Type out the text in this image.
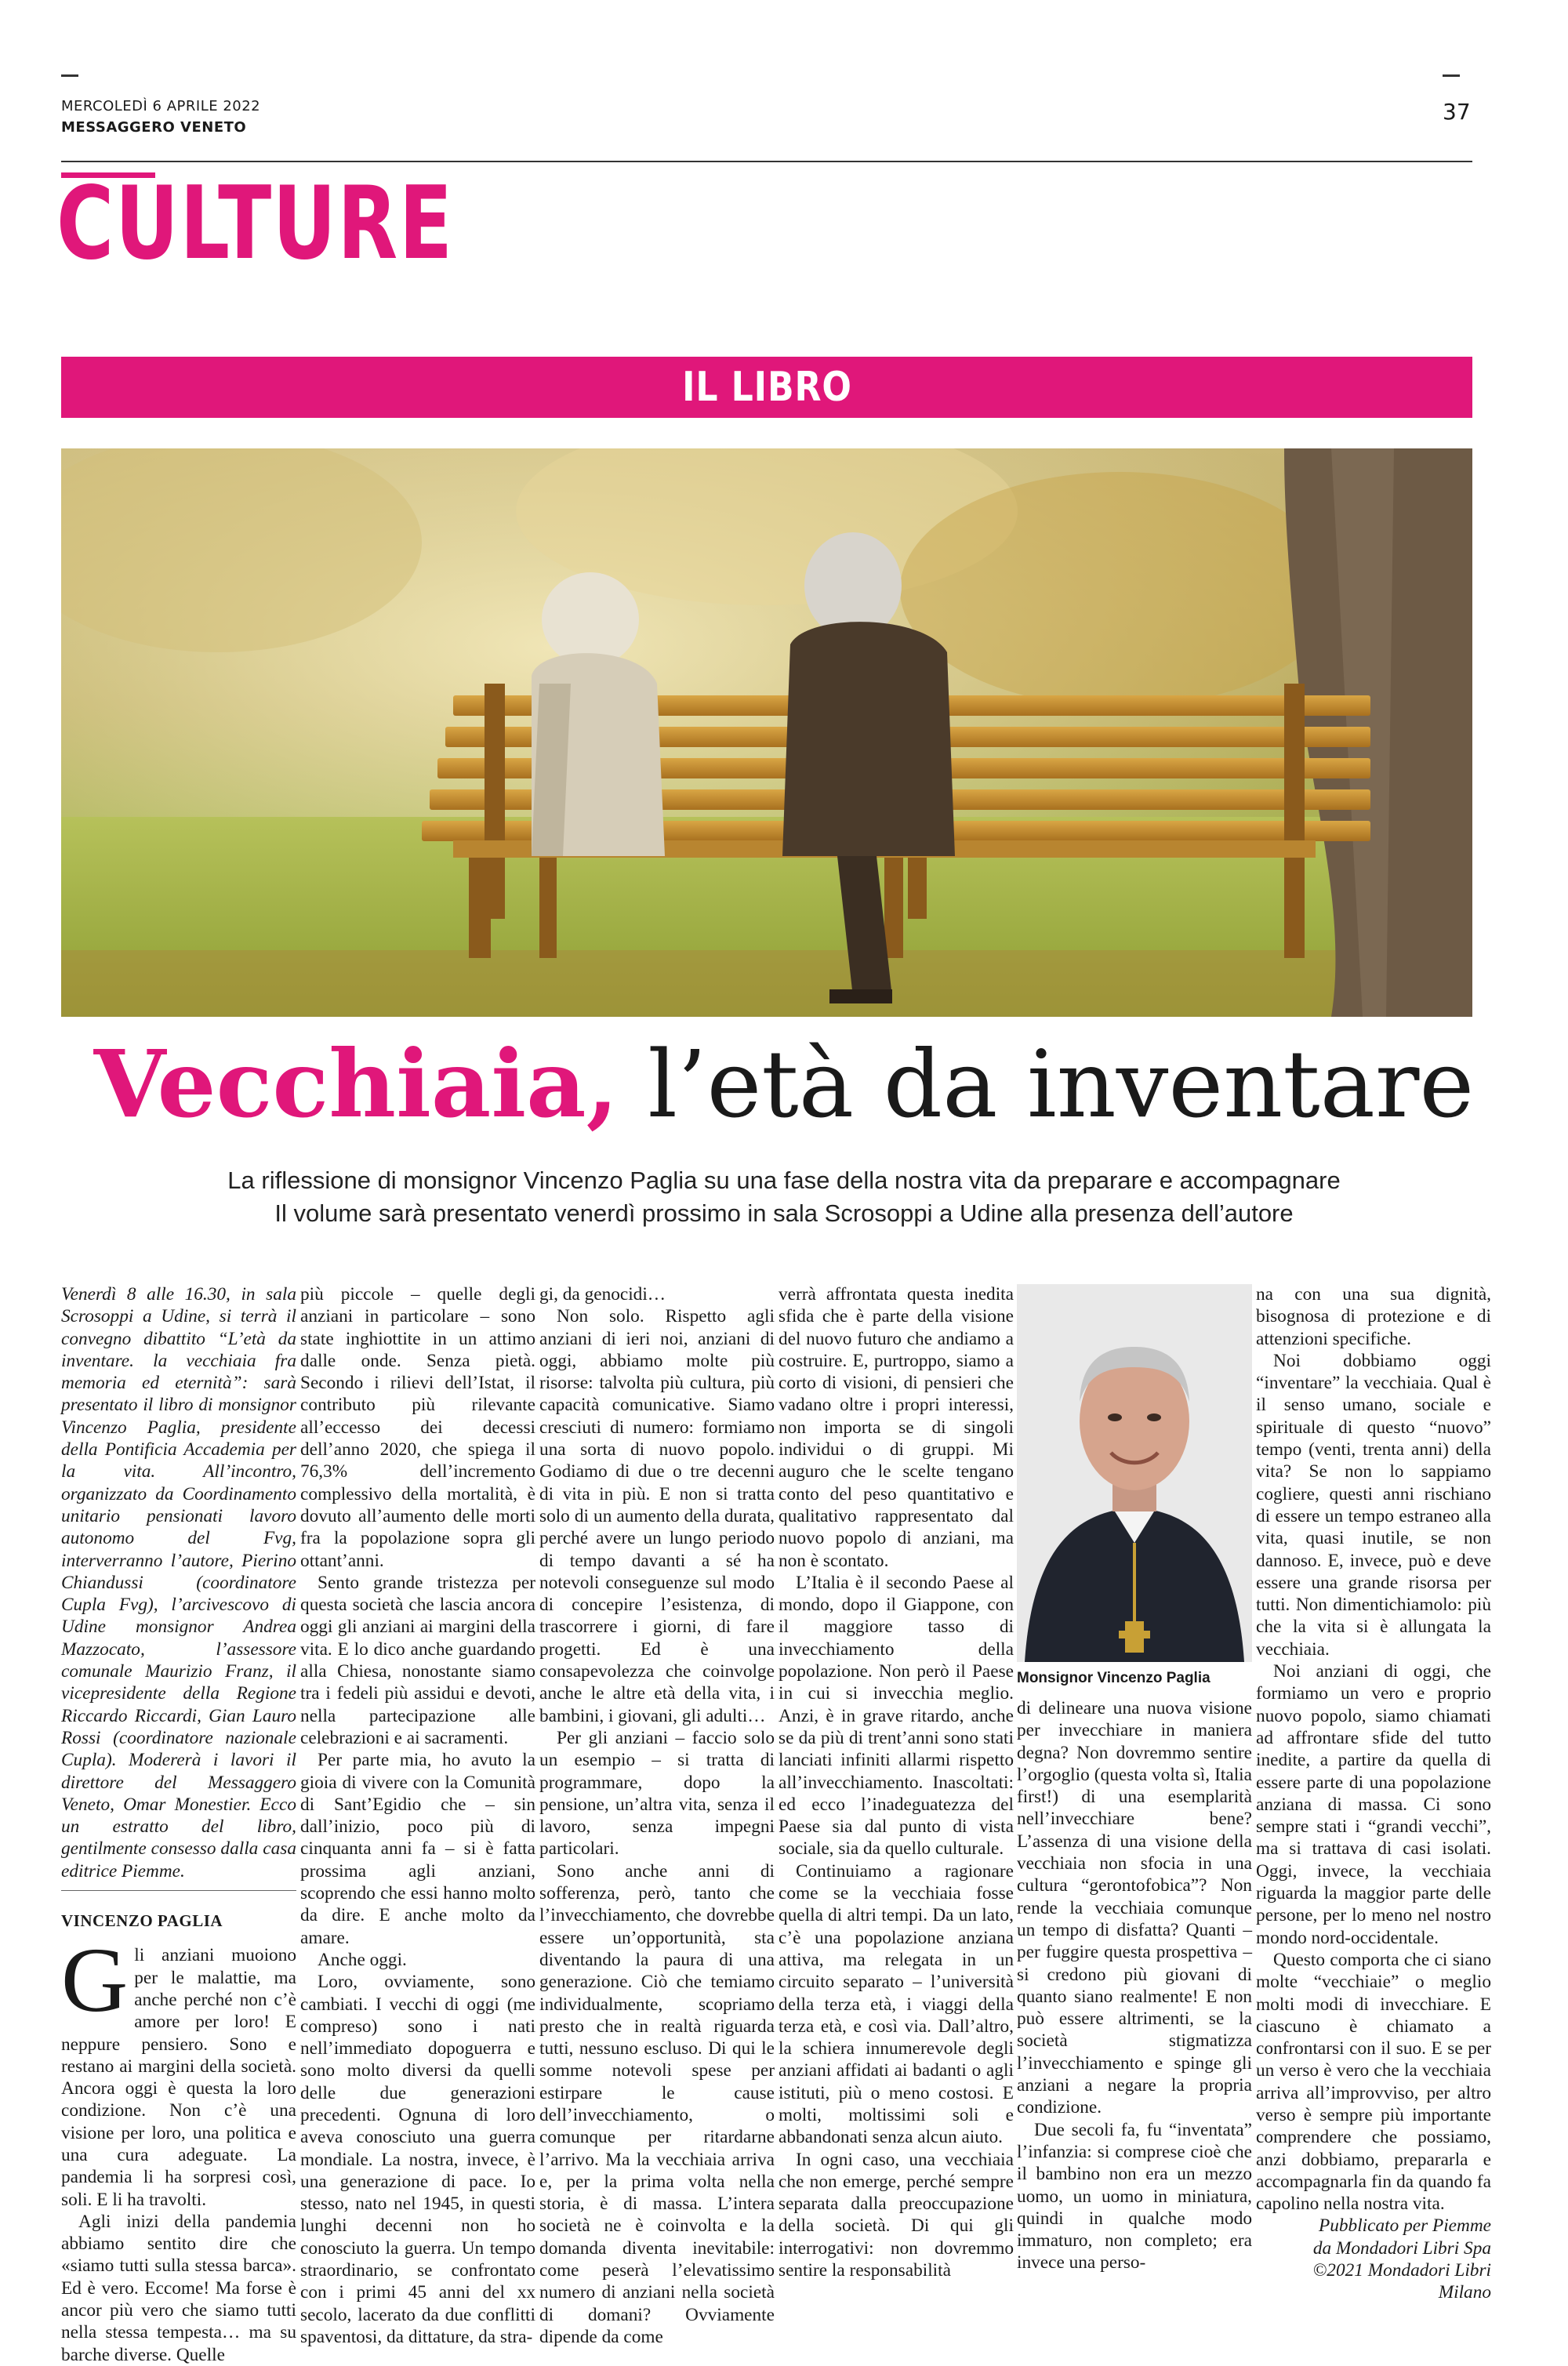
MERCOLEDÌ 6 APRILE 2022
MESSAGGERO VENETO
37
CULTURE
IL LIBRO
Vecchiaia, l’età da inventare
La riflessione di monsignor Vincenzo Paglia su una fase della nostra vita da preparare e accompagnare
Il volume sarà presentato venerdì prossimo in sala Scrosoppi a Udine alla presenza dell’autore

Venerdì 8 alle 16.30, in sala Scrosoppi a Udine, si terrà il convegno dibattito “L’età da inventare. la vecchiaia fra memoria ed eternità”: sarà presentato il libro di monsignor Vincenzo Paglia, presidente della Pontificia Accademia per la vita. All’incontro, organizzato da Coordinamento unitario pensionati lavoro autonomo del Fvg, interverranno l’autore, Pierino Chiandussi (coordinatore Cupla Fvg), l’arcivescovo di Udine monsignor Andrea Mazzocato, l’assessore comunale Maurizio Franz, il vicepresidente della Regione Riccardo Riccardi, Gian Lauro Rossi (coordinatore nazionale Cupla). Modererà i lavori il direttore del Messaggero Veneto, Omar Monestier. Ecco un estratto del libro, gentilmente consesso dalla casa editrice Piemme.

VINCENZO PAGLIA

Gli anziani muoiono per le malattie, ma anche perché non c’è amore per loro! E neppure pensiero. Sono e restano ai margini della società. Ancora oggi è questa la loro condizione. Non c’è una visione per loro, una politica e una cura adeguate. La pandemia li ha sorpresi così, soli. E li ha travolti.

Agli inizi della pandemia abbiamo sentito dire che «siamo tutti sulla stessa barca». Ed è vero. Eccome! Ma forse è ancor più vero che siamo tutti nella stessa tempesta… ma su barche diverse. Quelle

più piccole – quelle degli anziani in particolare – sono state inghiottite in un attimo dalle onde. Senza pietà. Secondo i rilievi dell’Istat, il contributo più rilevante all’eccesso dei decessi dell’anno 2020, che spiega il 76,3% dell’incremento complessivo della mortalità, è dovuto all’aumento delle morti fra la popolazione sopra gli ottant’anni.

Sento grande tristezza per questa società che lascia ancora oggi gli anziani ai margini della vita. E lo dico anche guardando alla Chiesa, nonostante siamo tra i fedeli più assidui e devoti, nella partecipazione alle celebrazioni e ai sacramenti.

Per parte mia, ho avuto la gioia di vivere con la Comunità di Sant’Egidio che – sin dall’inizio, poco più di cinquanta anni fa – si è fatta prossima agli anziani, scoprendo che essi hanno molto da dire. E anche molto da amare.

Anche oggi.

Loro, ovviamente, sono cambiati. I vecchi di oggi (me compreso) sono i nati nell’immediato dopoguerra e sono molto diversi da quelli delle due generazioni precedenti. Ognuna di loro aveva conosciuto una guerra mondiale. La nostra, invece, è una generazione di pace. Io stesso, nato nel 1945, in questi lunghi decenni non ho conosciuto la guerra. Un tempo straordinario, se confrontato con i primi 45 anni del xx secolo, lacerato da due conflitti spaventosi, da dittature, da stra-

gi, da genocidi…

Non solo. Rispetto agli anziani di ieri noi, anziani di oggi, abbiamo molte più risorse: talvolta più cultura, più capacità comunicative. Siamo cresciuti di numero: formiamo una sorta di nuovo popolo. Godiamo di due o tre decenni di vita in più. E non si tratta solo di un aumento della durata, perché avere un lungo periodo di tempo davanti a sé ha notevoli conseguenze sul modo di concepire l’esistenza, di trascorrere i giorni, di fare progetti. Ed è una consapevolezza che coinvolge anche le altre età della vita, i bambini, i giovani, gli adulti…

Per gli anziani – faccio solo un esempio – si tratta di programmare, dopo la pensione, un’altra vita, senza il lavoro, senza impegni particolari.

Sono anche anni di sofferenza, però, tanto che l’invecchiamento, che dovrebbe essere un’opportunità, sta diventando la paura di una generazione. Ciò che temiamo individualmente, scopriamo presto che in realtà riguarda tutti, nessuno escluso. Di qui le somme notevoli spese per estirpare le cause dell’invecchiamento, o comunque per ritardarne l’arrivo. Ma la vecchiaia arriva e, per la prima volta nella storia, è di massa. L’intera società ne è coinvolta e la domanda diventa inevitabile: come peserà l’elevatissimo numero di anziani nella società di domani? Ovviamente dipende da come

verrà affrontata questa inedita sfida che è parte della visione del nuovo futuro che andiamo a costruire. E, purtroppo, siamo a corto di visioni, di pensieri che vadano oltre i propri interessi, non importa se di singoli individui o di gruppi. Mi auguro che le scelte tengano conto del peso quantitativo e qualitativo rappresentato dal nuovo popolo di anziani, ma non è scontato.

L’Italia è il secondo Paese al mondo, dopo il Giappone, con il maggiore tasso di invecchiamento della popolazione. Non però il Paese in cui si invecchia meglio. Anzi, è in grave ritardo, anche se da più di trent’anni sono stati lanciati infiniti allarmi rispetto all’invecchiamento. Inascoltati: ed ecco l’inadeguatezza del Paese sia dal punto di vista sociale, sia da quello culturale.

Continuiamo a ragionare come se la vecchiaia fosse quella di altri tempi. Da un lato, c’è una popolazione anziana attiva, ma relegata in un circuito separato – l’università della terza età, i viaggi della terza età, e così via. Dall’altro, la schiera innumerevole degli anziani affidati ai badanti o agli istituti, più o meno costosi. E molti, moltissimi soli e abbandonati senza alcun aiuto.

In ogni caso, una vecchiaia che non emerge, perché sempre separata dalla preoccupazione della società. Di qui gli interrogativi: non dovremmo sentire la responsabilità

Monsignor Vincenzo Paglia

di delineare una nuova visione per invecchiare in maniera degna? Non dovremmo sentire l’orgoglio (questa volta sì, Italia first!) di una esemplarità nell’invecchiare bene? L’assenza di una visione della vecchiaia non sfocia in una cultura “gerontofobica”? Non rende la vecchiaia comunque un tempo di disfatta? Quanti – per fuggire questa prospettiva – si credono più giovani di quanto siano realmente! E non può essere altrimenti, se la società stigmatizza l’invecchiamento e spinge gli anziani a negare la propria condizione.

Due secoli fa, fu “inventata” l’infanzia: si comprese cioè che il bambino non era un mezzo uomo, un uomo in miniatura, quindi in qualche modo immaturo, non completo; era invece una perso-

na con una sua dignità, bisognosa di protezione e di attenzioni specifiche.

Noi dobbiamo oggi “inventare” la vecchiaia. Qual è il senso umano, sociale e spirituale di questo “nuovo” tempo (venti, trenta anni) della vita? Se non lo sappiamo cogliere, questi anni rischiano di essere un tempo estraneo alla vita, quasi inutile, se non dannoso. E, invece, può e deve essere una grande risorsa per tutti. Non dimentichiamolo: più che la vita si è allungata la vecchiaia.

Noi anziani di oggi, che formiamo un vero e proprio nuovo popolo, siamo chiamati ad affrontare sfide del tutto inedite, a partire da quella di essere parte di una popolazione anziana di massa. Ci sono sempre stati i “grandi vecchi”, ma si trattava di casi isolati. Oggi, invece, la vecchiaia riguarda la maggior parte delle persone, per lo meno nel nostro mondo nord-occidentale.

Questo comporta che ci siano molte “vecchiaie” o meglio molti modi di invecchiare. E ciascuno è chiamato a confrontarsi con il suo. E se per un verso è vero che la vecchiaia arriva all’improvviso, per altro verso è sempre più importante comprendere che possiamo, anzi dobbiamo, prepararla e accompagnarla fin da quando fa capolino nella nostra vita.

Pubblicato per Piemme

da Mondadori Libri Spa

©2021 Mondadori Libri

Milano
